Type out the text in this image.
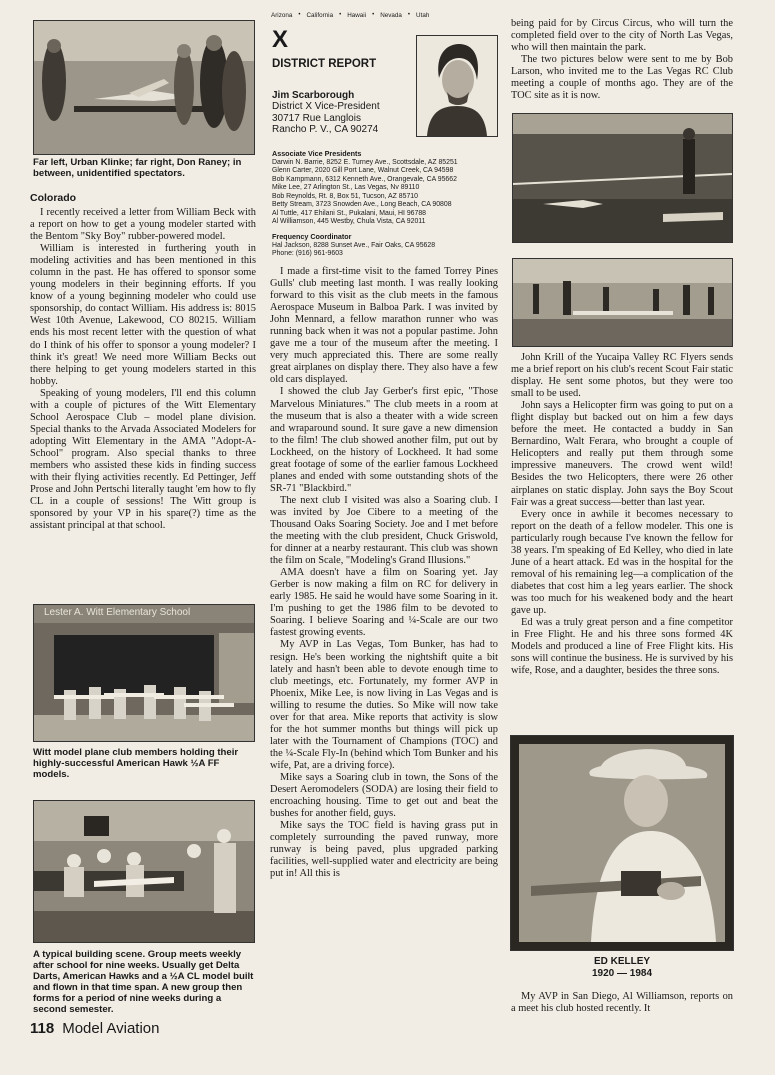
Far left, Urban Klinke; far right, Don Raney; in between, unidentified spectators.

Colorado

I recently received a letter from William Beck with a report on how to get a young modeler started with the Bentom "Sky Boy" rubber-powered model.

William is interested in furthering youth in modeling activities and has been mentioned in this column in the past. He has offered to sponsor some young modelers in their beginning efforts. If you know of a young beginning modeler who could use sponsorship, do contact William. His address is: 8015 West 10th Avenue, Lakewood, CO 80215. William ends his most recent letter with the question of what do I think of his offer to sponsor a young modeler? I think it's great! We need more William Becks out there helping to get young modelers started in this hobby.

Speaking of young modelers, I'll end this column with a couple of pictures of the Witt Elementary School Aerospace Club – model plane division. Special thanks to the Arvada Associated Modelers for adopting Witt Elementary in the AMA "Adopt-A-School" program. Also special thanks to three members who assisted these kids in finding success with their flying activities recently. Ed Pettinger, Jeff Prose and John Pertschi literally taught 'em how to fly CL in a couple of sessions! The Witt group is sponsored by your VP in his spare(?) time as the assistant principal at that school.

Lester A. Witt Elementary School

Witt model plane club members holding their highly-successful American Hawk ½A FF models.

A typical building scene. Group meets weekly after school for nine weeks. Usually get Delta Darts, American Hawks and a ½A CL model built and flown in that time span. A new group then forms for a period of nine weeks during a second semester.

118 Model Aviation
Arizona • California • Hawaii • Nevada • Utah
X
DISTRICT REPORT
Jim Scarborough
District X Vice-President
30717 Rue Langlois
Rancho P. V., CA 90274
Associate Vice Presidents
Darwin N. Barrie, 8252 E. Turney Ave., Scottsdale, AZ 85251
Glenn Carter, 2020 Gill Port Lane, Walnut Creek, CA 94598
Bob Kampmann, 6312 Kenneth Ave., Orangevale, CA 95662
Mike Lee, 27 Arlington St., Las Vegas, Nv 89110
Bob Reynolds, Rt. 8, Box 51, Tucson, AZ 85710
Betty Stream, 3723 Snowden Ave., Long Beach, CA 90808
Al Tuttle, 417 Ehilani St., Pukalani, Maui, HI 96788
Al Williamson, 445 Westby, Chula Vista, CA 92011
Frequency Coordinator
Hal Jackson, 8288 Sunset Ave., Fair Oaks, CA 95628
Phone: (916) 961-9603

I made a first-time visit to the famed Torrey Pines Gulls' club meeting last month. I was really looking forward to this visit as the club meets in the famous Aerospace Museum in Balboa Park. I was invited by John Mennard, a fellow marathon runner who was running back when it was not a popular pastime. John gave me a tour of the museum after the meeting. I very much appreciated this. There are some really great airplanes on display there. They also have a few old cars displayed.

I showed the club Jay Gerber's first epic, "Those Marvelous Miniatures." The club meets in a room at the museum that is also a theater with a wide screen and wraparound sound. It sure gave a new dimension to the film! The club showed another film, put out by Lockheed, on the history of Lockheed. It had some great footage of some of the earlier famous Lockheed planes and ended with some outstanding shots of the SR-71 "Blackbird."

The next club I visited was also a Soaring club. I was invited by Joe Cibere to a meeting of the Thousand Oaks Soaring Society. Joe and I met before the meeting with the club president, Chuck Griswold, for dinner at a nearby restaurant. This club was shown the film on Scale, "Modeling's Grand Illusions."

AMA doesn't have a film on Soaring yet. Jay Gerber is now making a film on RC for delivery in early 1985. He said he would have some Soaring in it. I'm pushing to get the 1986 film to be devoted to Soaring. I believe Soaring and ¼-Scale are our two fastest growing events.

My AVP in Las Vegas, Tom Bunker, has had to resign. He's been working the nightshift quite a bit lately and hasn't been able to devote enough time to club meetings, etc. Fortunately, my former AVP in Phoenix, Mike Lee, is now living in Las Vegas and is willing to resume the duties. So Mike will now take over for that area. Mike reports that activity is slow for the hot summer months but things will pick up later with the Tournament of Champions (TOC) and the ¼-Scale Fly-In (behind which Tom Bunker and his wife, Pat, are a driving force).

Mike says a Soaring club in town, the Sons of the Desert Aeromodelers (SODA) are losing their field to encroaching housing. Time to get out and beat the bushes for another field, guys.

Mike says the TOC field is having grass put in completely surrounding the paved runway, more runway is being paved, plus upgraded parking facilities, well-supplied water and electricity are being put in! All this is

being paid for by Circus Circus, who will turn the completed field over to the city of North Las Vegas, who will then maintain the park.

The two pictures below were sent to me by Bob Larson, who invited me to the Las Vegas RC Club meeting a couple of months ago. They are of the TOC site as it is now.

John Krill of the Yucaipa Valley RC Flyers sends me a brief report on his club's recent Scout Fair static display. He sent some photos, but they were too small to be used.

John says a Helicopter firm was going to put on a flight display but backed out on him a few days before the meet. He contacted a buddy in San Bernardino, Walt Ferara, who brought a couple of Helicopters and really put them through some impressive maneuvers. The crowd went wild! Besides the two Helicopters, there were 26 other airplanes on static display. John says the Boy Scout Fair was a great success—better than last year.

Every once in awhile it becomes necessary to report on the death of a fellow modeler. This one is particularly rough because I've known the fellow for 38 years. I'm speaking of Ed Kelley, who died in late June of a heart attack. Ed was in the hospital for the removal of his remaining leg—a complication of the diabetes that cost him a leg years earlier. The shock was too much for his weakened body and the heart gave up.

Ed was a truly great person and a fine competitor in Free Flight. He and his three sons formed 4K Models and produced a line of Free Flight kits. His sons will continue the business. He is survived by his wife, Rose, and a daughter, besides the three sons.

ED KELLEY
1920 — 1984

My AVP in San Diego, Al Williamson, reports on a meet his club hosted recently. It
